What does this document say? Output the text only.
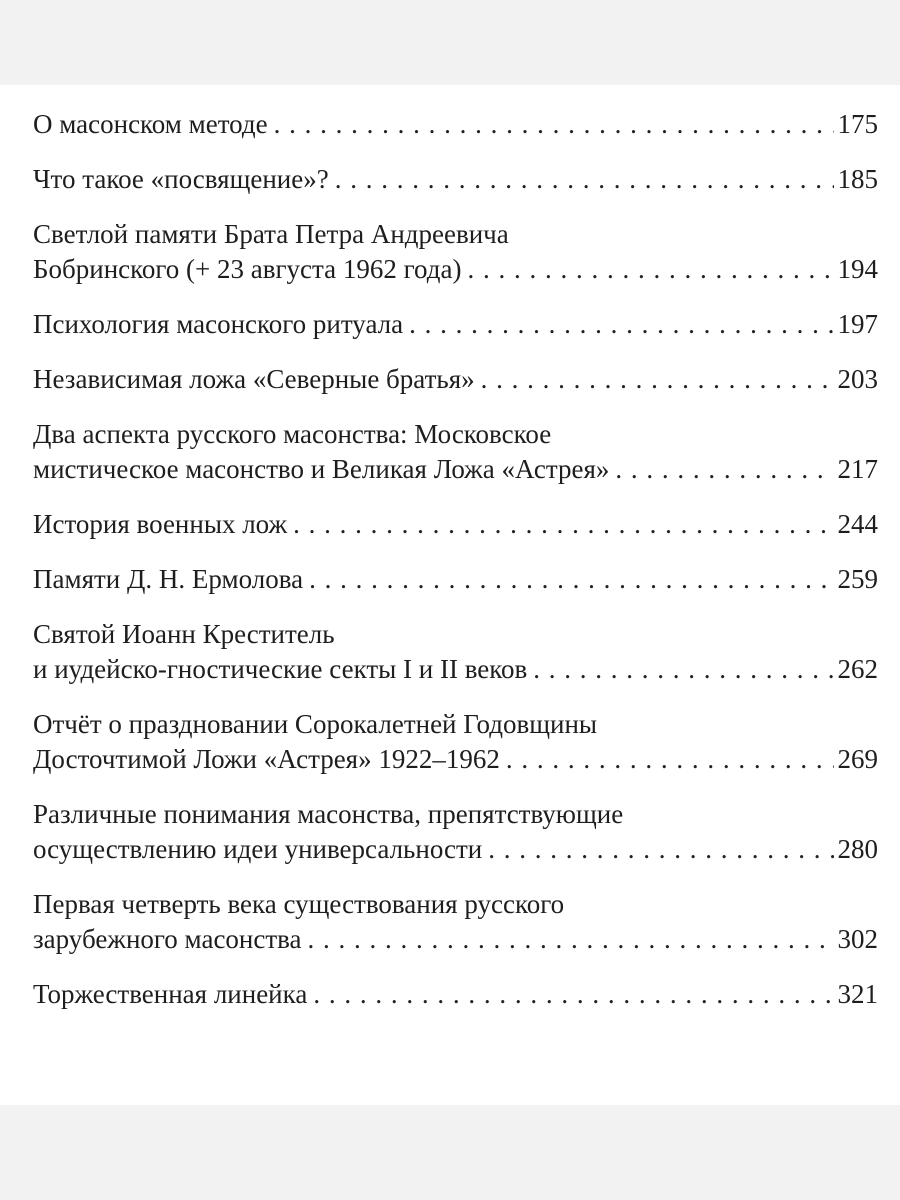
О масонском методе . . .	175
Что такое «посвящение»? . . .	185
Светлой памяти Брата Петра Андреевича
Бобринского (+ 23 августа 1962 года) . . .	194
Психология масонского ритуала . . .	197
Независимая ложа «Северные братья» . . .	203
Два аспекта русского масонства: Московское
мистическое масонство и Великая Ложа «Астрея» . . .	217
История военных лож . . .	244
Памяти Д. Н. Ермолова . . .	259
Святой Иоанн Креститель
и иудейско-гностические секты I и II веков . . .	262
Отчёт о праздновании Сорокалетней Годовщины
Досточтимой Ложи «Астрея» 1922–1962 . . .	269
Различные понимания масонства, препятствующие
осуществлению идеи универсальности . . .	280
Первая четверть века существования русского
зарубежного масонства . . .	302
Торжественная линейка . . .	321
